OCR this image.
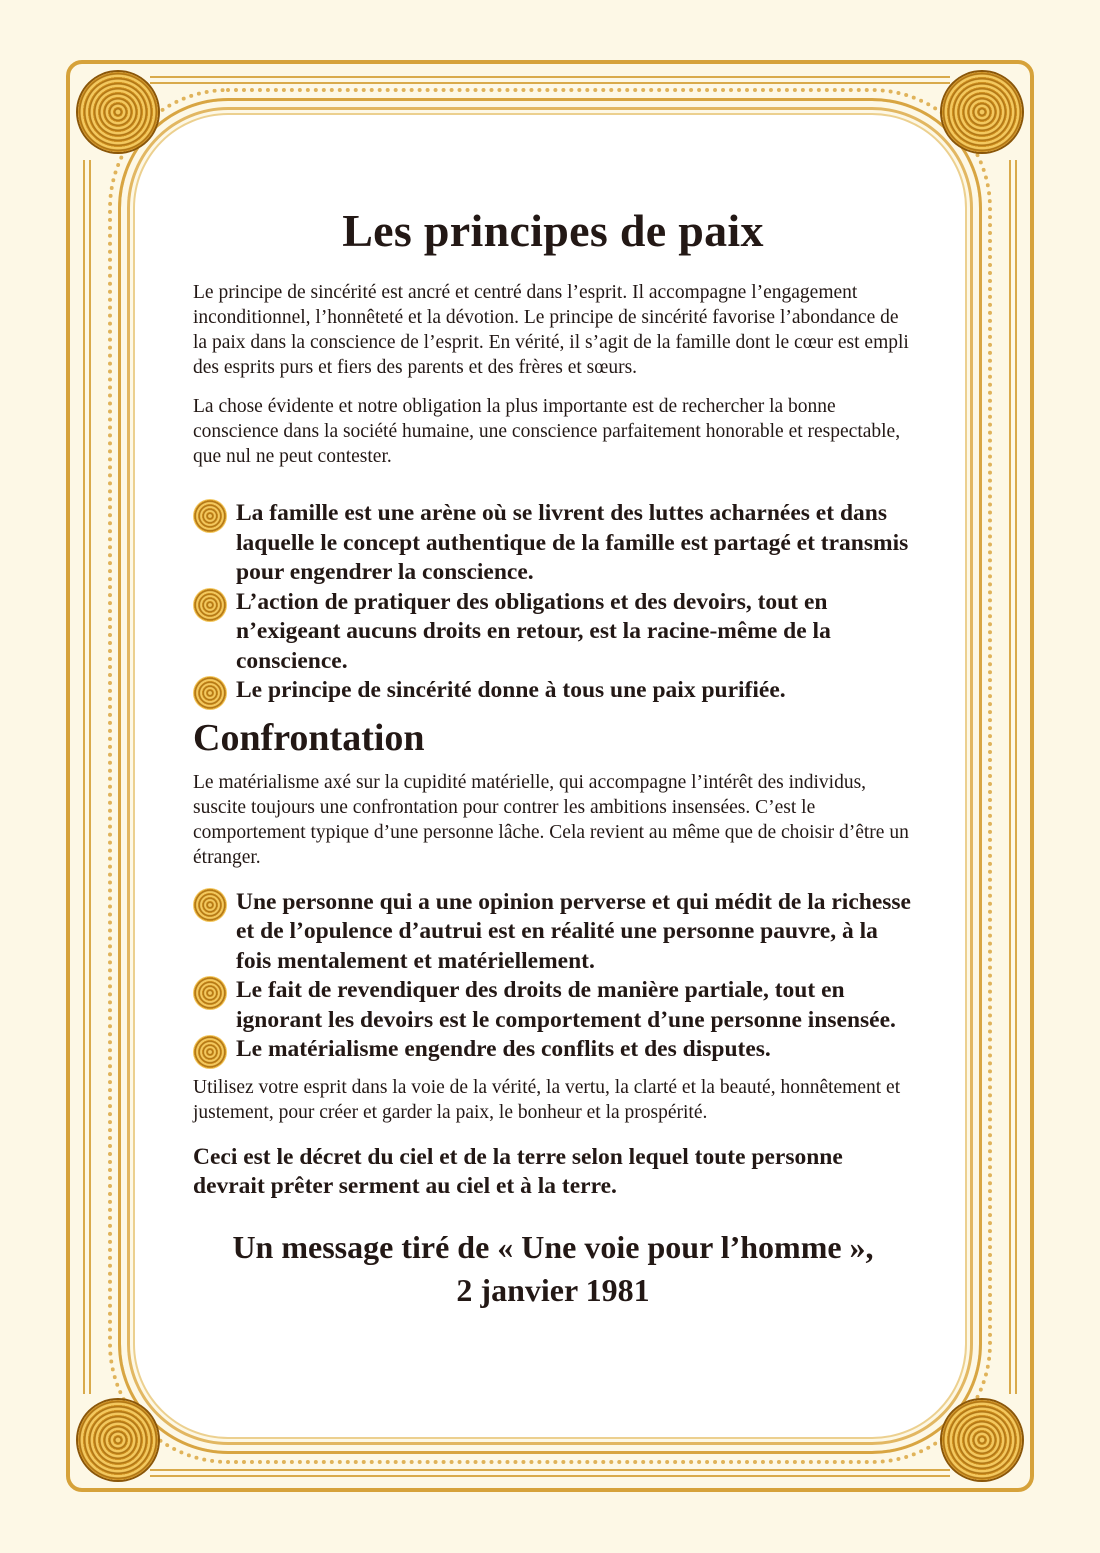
Les principes de paix

Le principe de sincérité est ancré et centré dans l’esprit. Il accompagne l’engagement inconditionnel, l’honnêteté et la dévotion. Le principe de sincérité favorise l’abondance de la paix dans la conscience de l’esprit. En vérité, il s’agit de la famille dont le cœur est empli des esprits purs et fiers des parents et des frères et sœurs.

La chose évidente et notre obligation la plus importante est de rechercher la bonne conscience dans la société humaine, une conscience parfaitement honorable et respectable, que nul ne peut contester.

La famille est une arène où se livrent des luttes acharnées et dans laquelle le concept authentique de la famille est partagé et transmis pour engendrer la conscience.
L’action de pratiquer des obligations et des devoirs, tout en n’exigeant aucuns droits en retour, est la racine-même de la conscience.
Le principe de sincérité donne à tous une paix purifiée.
Confrontation

Le matérialisme axé sur la cupidité matérielle, qui accompagne l’intérêt des individus, suscite toujours une confrontation pour contrer les ambitions insensées. C’est le comportement typique d’une personne lâche. Cela revient au même que de choisir d’être un étranger.

Une personne qui a une opinion perverse et qui médit de la richesse et de l’opulence d’autrui est en réalité une personne pauvre, à la fois mentalement et matériellement.
Le fait de revendiquer des droits de manière partiale, tout en ignorant les devoirs est le comportement d’une personne insensée.
Le matérialisme engendre des conflits et des disputes.

Utilisez votre esprit dans la voie de la vérité, la vertu, la clarté et la beauté, honnêtement et justement, pour créer et garder la paix, le bonheur et la prospérité.

Ceci est le décret du ciel et de la terre selon lequel toute personne devrait prêter serment au ciel et à la terre.

Un message tiré de « Une voie pour l’homme »,
2 janvier 1981
